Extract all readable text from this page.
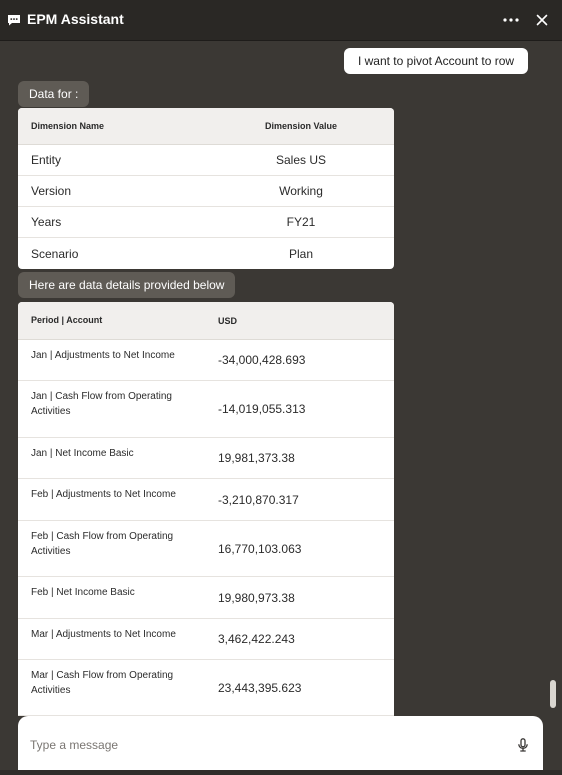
EPM Assistant
I want to pivot Account to row
Data for :
Dimension Name	Dimension Value
Entity	Sales US
Version	Working
Years	FY21
Scenario	Plan
Here are data details provided below
Period | Account	USD
Jan | Adjustments to Net Income	-34,000,428.693
Jan | Cash Flow from Operating Activities	-14,019,055.313
Jan | Net Income Basic	19,981,373.38
Feb | Adjustments to Net Income	-3,210,870.317
Feb | Cash Flow from Operating Activities	16,770,103.063
Feb | Net Income Basic	19,980,973.38
Mar | Adjustments to Net Income	3,462,422.243
Mar | Cash Flow from Operating Activities	23,443,395.623
Type a message
